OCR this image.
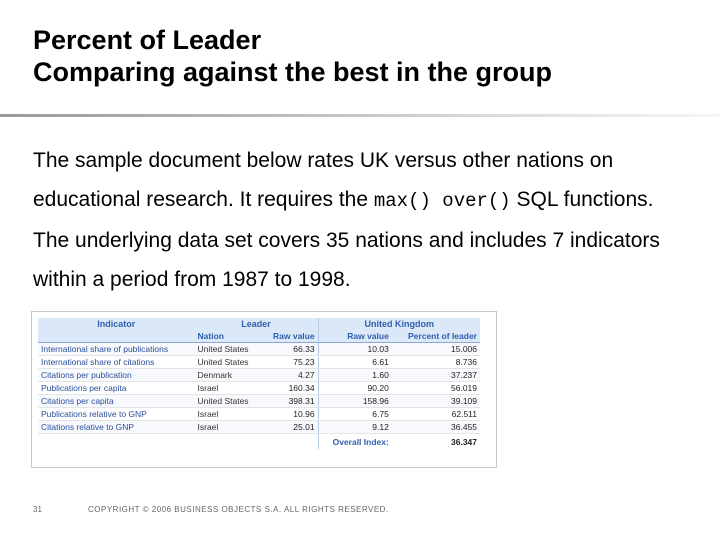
Percent of Leader
Comparing against the best in the group
The sample document below rates UK versus other nations on educational research. It requires the max() over() SQL functions. The underlying data set covers 35 nations and includes 7 indicators within a period from 1987 to 1998.
Indicator	Leader		United Kingdom	
	Nation	Raw value	Raw value	Percent of leader
International share of publications	United States	66.33	10.03	15.006
International share of citations	United States	75.23	6.61	8.736
Citations per publication	Denmark	4.27	1.60	37.237
Publications per capita	Israel	160.34	90.20	56.019
Citations per capita	United States	398.31	158.96	39.109
Publications relative to GNP	Israel	10.96	6.75	62.511
Citations relative to GNP	Israel	25.01	9.12	36.455
			Overall Index:	36.347
31	COPYRIGHT © 2006 BUSINESS OBJECTS S.A. ALL RIGHTS RESERVED.
